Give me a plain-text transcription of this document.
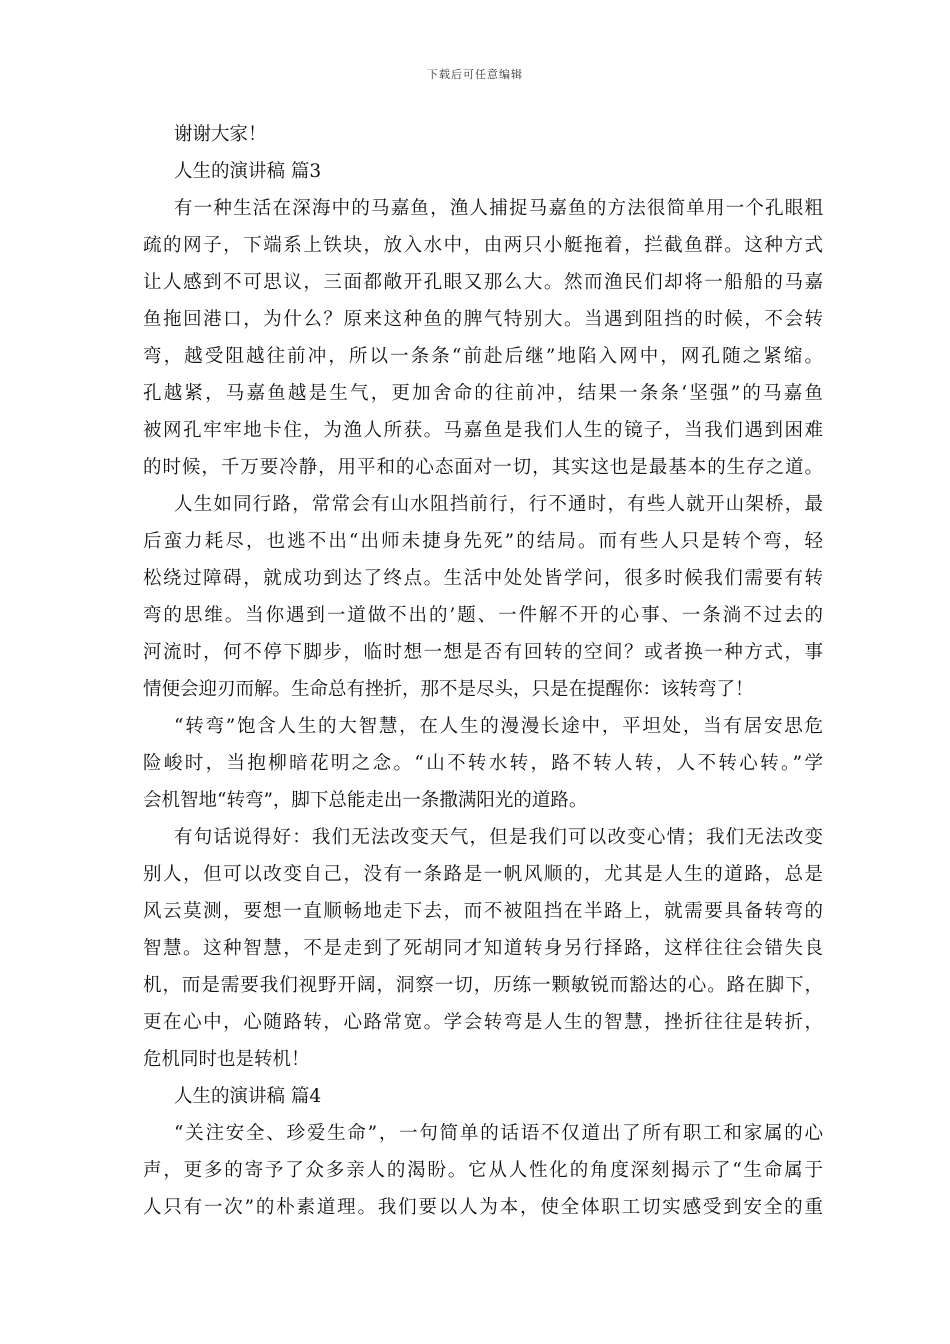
下载后可任意编辑
谢谢大家！
人生的演讲稿 篇3
有一种生活在深海中的马嘉鱼，渔人捕捉马嘉鱼的方法很简单用一个孔眼粗
疏的网子，下端系上铁块，放入水中，由两只小艇拖着，拦截鱼群。这种方式
让人感到不可思议，三面都敞开孔眼又那么大。然而渔民们却将一船船的马嘉
鱼拖回港口，为什么？原来这种鱼的脾气特别大。当遇到阻挡的时候，不会转
弯，越受阻越往前冲，所以一条条“前赴后继”地陷入网中，网孔随之紧缩。
孔越紧，马嘉鱼越是生气，更加舍命的往前冲，结果一条条‘坚强”的马嘉鱼
被网孔牢牢地卡住，为渔人所获。马嘉鱼是我们人生的镜子，当我们遇到困难
的时候，千万要冷静，用平和的心态面对一切，其实这也是最基本的生存之道。
人生如同行路，常常会有山水阻挡前行，行不通时，有些人就开山架桥，最
后蛮力耗尽，也逃不出“出师未捷身先死”的结局。而有些人只是转个弯，轻
松绕过障碍，就成功到达了终点。生活中处处皆学问，很多时候我们需要有转
弯的思维。当你遇到一道做不出的’题、一件解不开的心事、一条淌不过去的
河流时，何不停下脚步，临时想一想是否有回转的空间？或者换一种方式，事
情便会迎刃而解。生命总有挫折，那不是尽头，只是在提醒你：该转弯了！
“转弯”饱含人生的大智慧，在人生的漫漫长途中，平坦处，当有居安思危
险峻时，当抱柳暗花明之念。“山不转水转，路不转人转，人不转心转。”学
会机智地“转弯”，脚下总能走出一条撒满阳光的道路。
有句话说得好：我们无法改变天气，但是我们可以改变心情；我们无法改变
别人，但可以改变自己，没有一条路是一帆风顺的，尤其是人生的道路，总是
风云莫测，要想一直顺畅地走下去，而不被阻挡在半路上，就需要具备转弯的
智慧。这种智慧，不是走到了死胡同才知道转身另行择路，这样往往会错失良
机，而是需要我们视野开阔，洞察一切，历练一颗敏锐而豁达的心。路在脚下，
更在心中，心随路转，心路常宽。学会转弯是人生的智慧，挫折往往是转折，
危机同时也是转机！
人生的演讲稿 篇4
“关注安全、珍爱生命”，一句简单的话语不仅道出了所有职工和家属的心
声，更多的寄予了众多亲人的渴盼。它从人性化的角度深刻揭示了“生命属于
人只有一次”的朴素道理。我们要以人为本，使全体职工切实感受到安全的重
